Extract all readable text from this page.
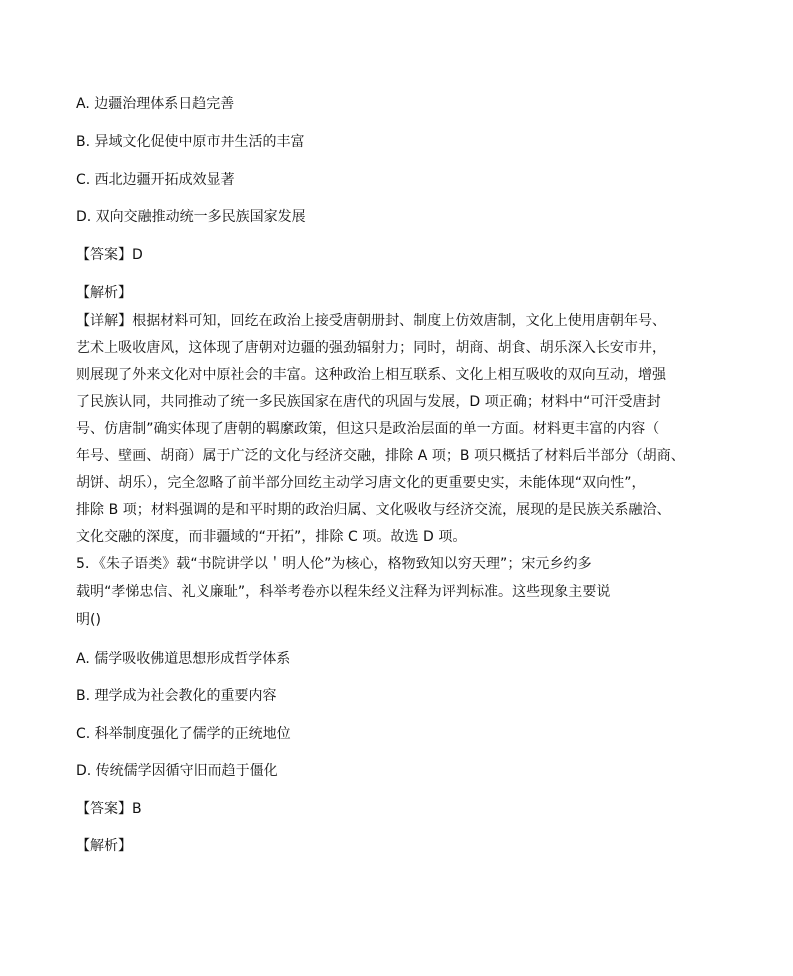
A. 边疆治理体系日趋完善

B. 异域文化促使中原市井生活的丰富

C. 西北边疆开拓成效显著

D. 双向交融推动统一多民族国家发展

【答案】D

【解析】

【详解】根据材料可知，回纥在政治上接受唐朝册封、制度上仿效唐制，文化上使用唐朝年号、

艺术上吸收唐风，这体现了唐朝对边疆的强劲辐射力；同时，胡商、胡食、胡乐深入长安市井，

则展现了外来文化对中原社会的丰富。这种政治上相互联系、文化上相互吸收的双向互动，增强

了民族认同，共同推动了统一多民族国家在唐代的巩固与发展，D 项正确；材料中“可汗受唐封

号、仿唐制”确实体现了唐朝的羁縻政策，但这只是政治层面的单一方面。材料更丰富的内容（

年号、壁画、胡商）属于广泛的文化与经济交融，排除 A 项；B 项只概括了材料后半部分（胡商、

胡饼、胡乐），完全忽略了前半部分回纥主动学习唐文化的更重要史实，未能体现“双向性”，

排除 B 项；材料强调的是和平时期的政治归属、文化吸收与经济交流，展现的是民族关系融洽、

文化交融的深度，而非疆域的“开拓”，排除 C 项。故选 D 项。

5．《朱子语类》载“书院讲学以＇明人伦”为核心，格物致知以穷天理”；宋元乡约多

载明“孝悌忠信、礼义廉耻”，科举考卷亦以程朱经义注释为评判标准。这些现象主要说

明()

A. 儒学吸收佛道思想形成哲学体系

B. 理学成为社会教化的重要内容

C. 科举制度强化了儒学的正统地位

D. 传统儒学因循守旧而趋于僵化

【答案】B

【解析】
